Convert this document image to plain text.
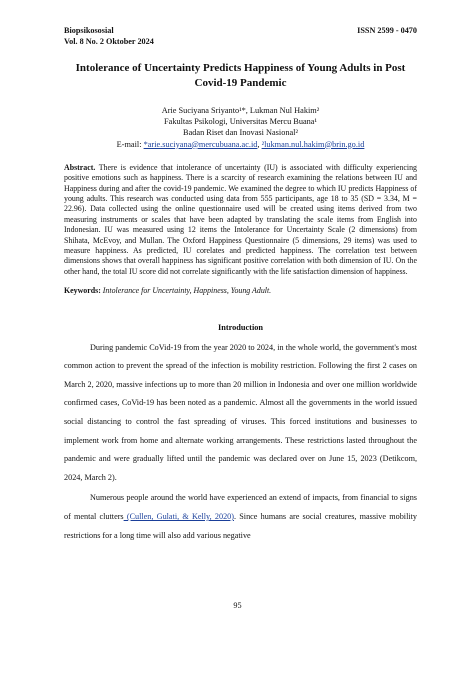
Biopsikososial
Vol. 8 No. 2 Oktober 2024
ISSN 2599 - 0470
Intolerance of Uncertainty Predicts Happiness of Young Adults in Post Covid-19 Pandemic
Arie Suciyana Sriyanto¹*, Lukman Nul Hakim²
Fakultas Psikologi, Universitas Mercu Buana¹
Badan Riset dan Inovasi Nasional²
E-mail: *arie.suciyana@mercubuana.ac.id, ²lukman.nul.hakim@brin.go.id
Abstract. There is evidence that intolerance of uncertainty (IU) is associated with difficulty experiencing positive emotions such as happiness. There is a scarcity of research examining the relations between IU and Happiness during and after the covid-19 pandemic. We examined the degree to which IU predicts Happiness of young adults. This research was conducted using data from 555 participants, age 18 to 35 (SD = 3.34, M = 22.96). Data collected using the online questionnaire used will be created using items derived from two measuring instruments or scales that have been adapted by translating the scale items from English into Indonesian. IU was measured using 12 items the Intolerance for Uncertainty Scale (2 dimensions) from Shihata, McEvoy, and Mullan. The Oxford Happiness Questionnaire (5 dimensions, 29 items) was used to measure happiness. As predicted, IU corelates and predicted happiness. The correlation test between dimensions shows that overall happiness has significant positive correlation with both dimension of IU. On the other hand, the total IU score did not correlate significantly with the life satisfaction dimension of happiness.
Keywords: Intolerance for Uncertainty, Happiness, Young Adult.
Introduction

During pandemic CoVid-19 from the year 2020 to 2024, in the whole world, the government's most common action to prevent the spread of the infection is mobility restriction. Following the first 2 cases on March 2, 2020, massive infections up to more than 20 million in Indonesia and over one million worldwide confirmed cases, CoVid-19 has been noted as a pandemic. Almost all the governments in the world issued social distancing to control the fast spreading of viruses. This forced institutions and businesses to implement work from home and alternate working arrangements. These restrictions lasted throughout the pandemic and were gradually lifted until the pandemic was declared over on June 15, 2023 (Detikcom, 2024, March 2).

Numerous people around the world have experienced an extend of impacts, from financial to signs of mental clutters (Cullen, Gulati, & Kelly, 2020). Since humans are social creatures, massive mobility restrictions for a long time will also add various negative

95
